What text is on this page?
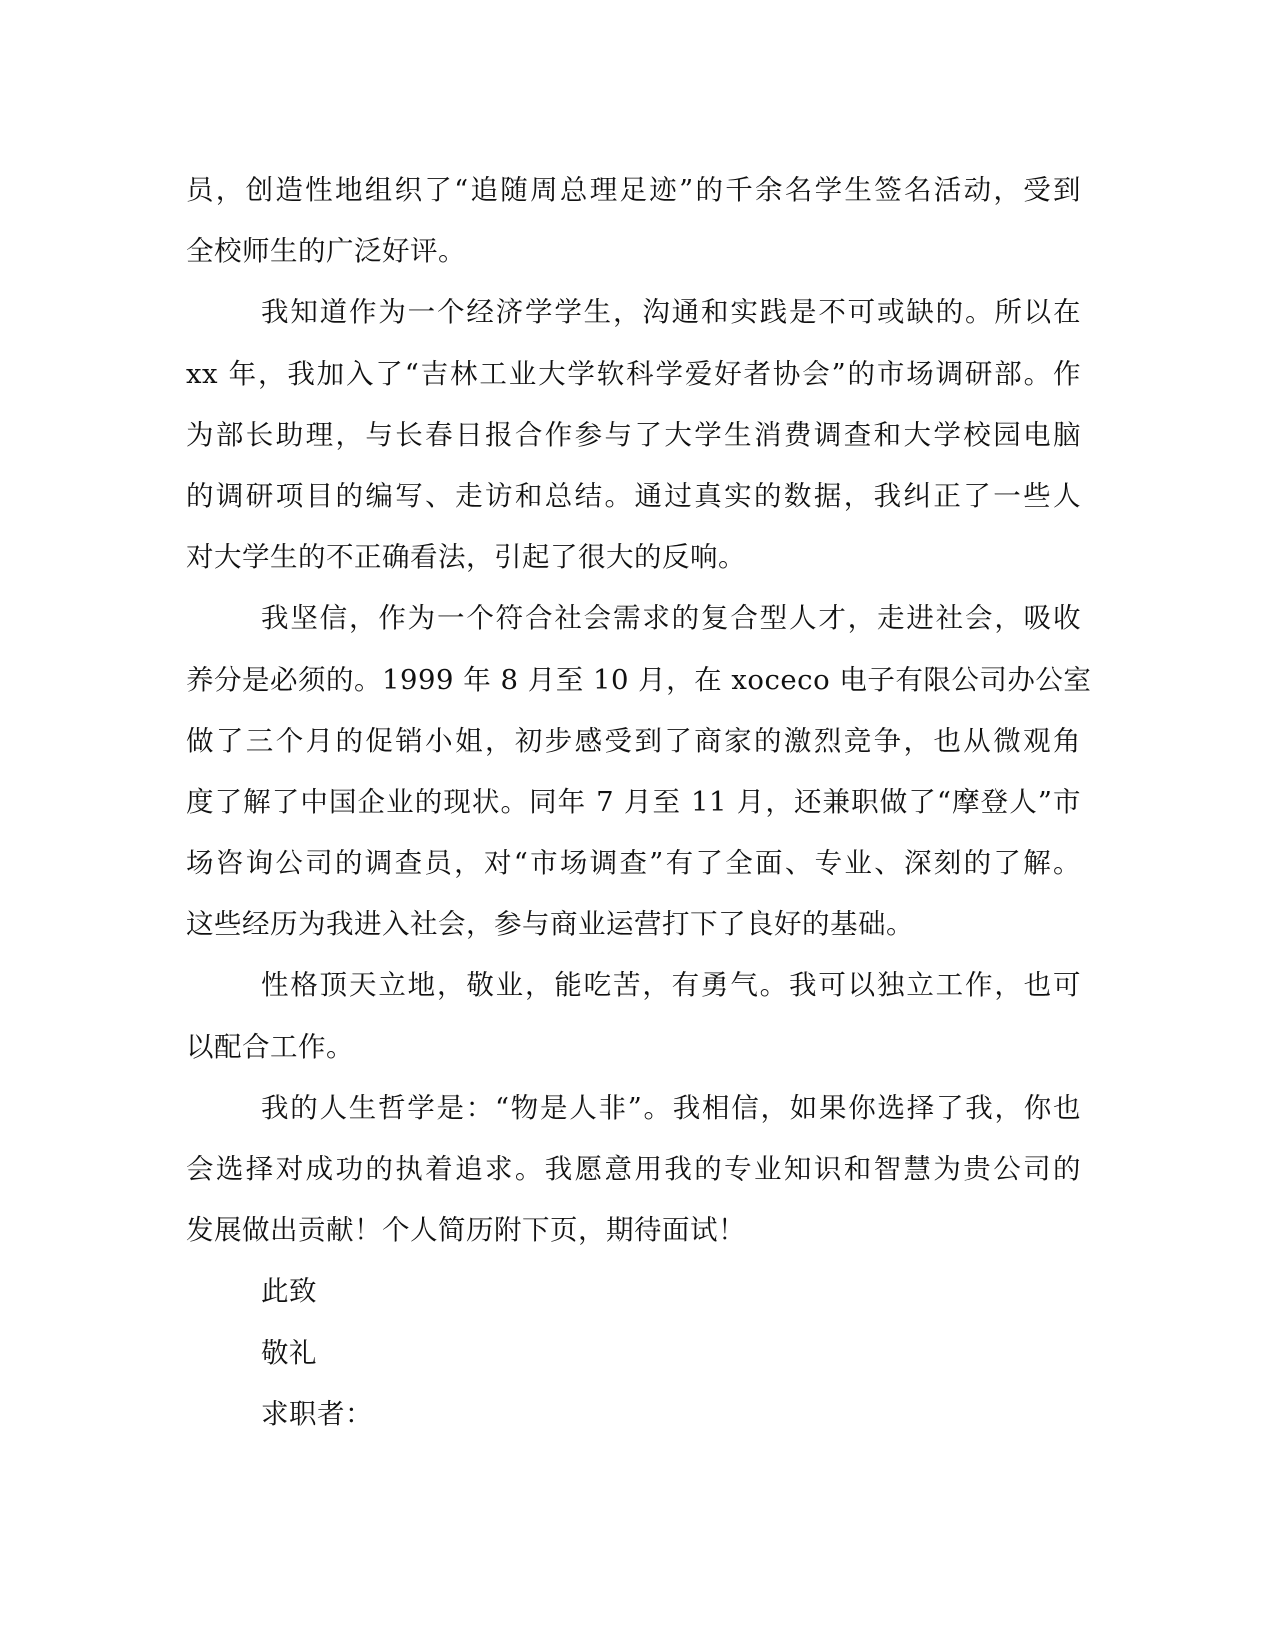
员，创造性地组织了“追随周总理足迹”的千余名学生签名活动，受到
全校师生的广泛好评。
我知道作为一个经济学学生，沟通和实践是不可或缺的。所以在
xx 年，我加入了“吉林工业大学软科学爱好者协会”的市场调研部。作
为部长助理，与长春日报合作参与了大学生消费调查和大学校园电脑
的调研项目的编写、走访和总结。通过真实的数据，我纠正了一些人
对大学生的不正确看法，引起了很大的反响。
我坚信，作为一个符合社会需求的复合型人才，走进社会，吸收
养分是必须的。1999 年 8 月至 10 月，在 xoceco 电子有限公司办公室
做了三个月的促销小姐，初步感受到了商家的激烈竞争，也从微观角
度了解了中国企业的现状。同年 7 月至 11 月，还兼职做了“摩登人”市
场咨询公司的调查员，对“市场调查”有了全面、专业、深刻的了解。
这些经历为我进入社会，参与商业运营打下了良好的基础。
性格顶天立地，敬业，能吃苦，有勇气。我可以独立工作，也可
以配合工作。
我的人生哲学是：“物是人非”。我相信，如果你选择了我，你也
会选择对成功的执着追求。我愿意用我的专业知识和智慧为贵公司的
发展做出贡献！个人简历附下页，期待面试！
此致
敬礼
求职者：
